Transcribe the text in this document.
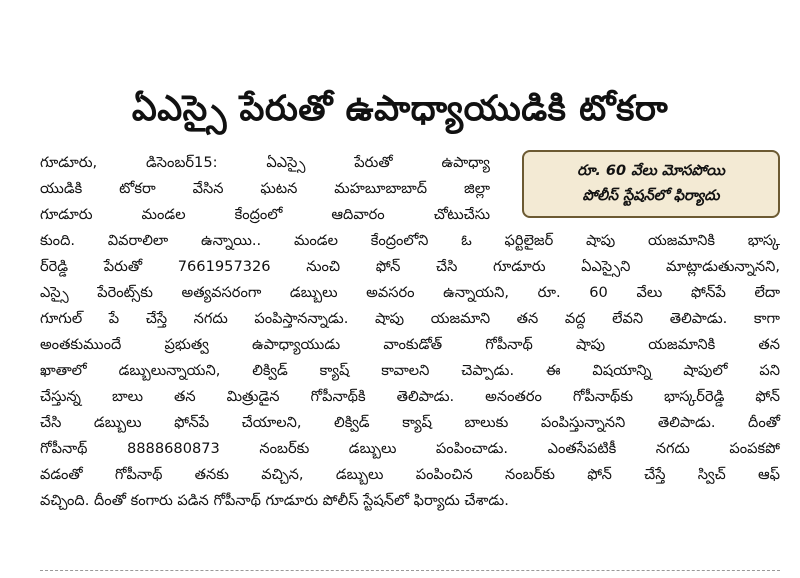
ఏఎస్సై పేరుతో ఉపాధ్యాయుడికి టోకరా
రూ. 60 వేలు మోసపోయి
పోలీస్ స్టేషన్‌లో ఫిర్యాదు
గూడూరు, డిసెంబర్15: ఏఎస్సై పేరుతో ఉపాధ్యా
యుడికి టోకరా వేసిన ఘటన మహబూబాబాద్ జిల్లా
గూడూరు మండల కేంద్రంలో ఆదివారం చోటుచేసు
కుంది. వివరాలిలా ఉన్నాయి.. మండల కేంద్రంలోని ఓ ఫర్టిలైజర్ షాపు యజమానికి భాస్క
ర్‌రెడ్డి పేరుతో 7661957326 నుంచి ఫోన్ చేసి గూడూరు ఏఎస్సైని మాట్లాడుతున్నానని,
ఎస్సై పేరెంట్స్‌కు అత్యవసరంగా డబ్బులు అవసరం ఉన్నాయని, రూ. 60 వేలు ఫోన్‌పే లేదా
గూగుల్ పే చేస్తే నగదు పంపిస్తానన్నాడు. షాపు యజమాని తన వద్ద లేవని తెలిపాడు. కాగా
అంతకుముందే ప్రభుత్వ ఉపాధ్యాయుడు వాంకుడోత్ గోపీనాథ్ షాపు యజమానికి తన
ఖాతాలో డబ్బులున్నాయని, లిక్విడ్ క్యాష్ కావాలని చెప్పాడు. ఈ విషయాన్ని షాపులో పని
చేస్తున్న బాలు తన మిత్రుడైన గోపీనాథ్‌కి తెలిపాడు. అనంతరం గోపీనాథ్‌కు భాస్కర్‌రెడ్డి ఫోన్
చేసి డబ్బులు ఫోన్‌పే చేయాలని, లిక్విడ్ క్యాష్ బాలుకు పంపిస్తున్నానని తెలిపాడు. దీంతో
గోపీనాథ్ 8888680873 నంబర్‌కు డబ్బులు పంపించాడు. ఎంతసేపటికీ నగదు పంపకపో
వడంతో గోపీనాథ్ తనకు వచ్చిన, డబ్బులు పంపించిన నంబర్‌కు ఫోన్ చేస్తే స్విచ్ ఆఫ్
వచ్చింది. దీంతో కంగారు పడిన గోపీనాథ్ గూడూరు పోలీస్ స్టేషన్‌లో ఫిర్యాదు చేశాడు.
